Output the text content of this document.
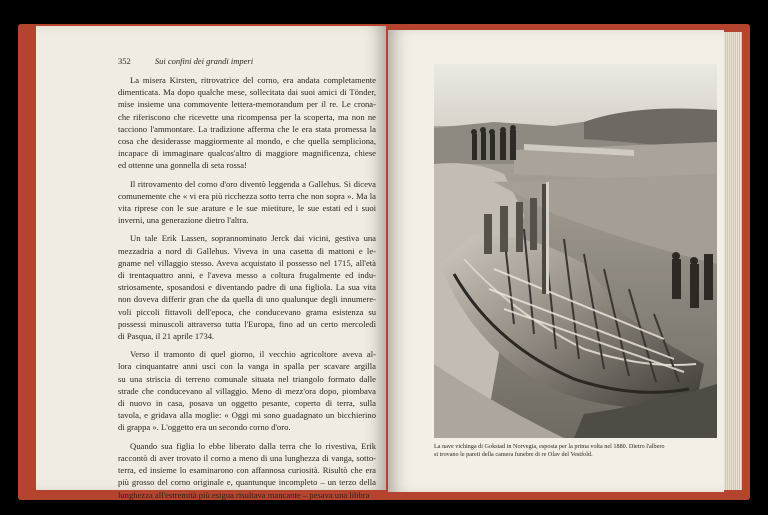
352	Sui confini dei grandi imperi
La misera Kirsten, ritrovatrice del corno, era andata completamente
dimenticata. Ma dopo qualche mese, sollecitata dai suoi amici di Tönder,
mise insieme una commovente lettera-memorandum per il re. Le crona-
che riferiscono che ricevette una ricompensa per la scoperta, ma non ne
tacciono l'ammontare. La tradizione afferma che le era stata promessa la
cosa che desiderasse maggiormente al mondo, e che quella semplicìona,
incapace di immaginare qualcos'altro di maggiore magnificenza, chiese
ed ottenne una gonnella di seta rossa!
Il ritrovamento del corno d'oro diventò leggenda a Gallehus. Si diceva
comunemente che « vi era più ricchezza sotto terra che non sopra ». Ma la
vita riprese con le sue arature e le sue mietiture, le sue estati ed i suoi
inverni, una generazione dietro l'altra.
Un tale Erik Lassen, soprannominato Jerck dai vicini, gestiva una
mezzadria a nord di Gallehus. Viveva in una casetta di mattoni e le-
gname nel villaggio stesso. Aveva acquistato il possesso nel 1715, all'età
di trentaquattro anni, e l'aveva messo a coltura frugalmente ed indu-
striosamente, sposandosi e diventando padre di una figliola. La sua vita
non doveva differir gran che da quella di uno qualunque degli innumere-
voli piccoli fittavoli dell'epoca, che conducevano grama esistenza su
possessi minuscoli attraverso tutta l'Europa, fino ad un certo mercoledì
di Pasqua, il 21 aprile 1734.
Verso il tramonto di quel giorno, il vecchio agricoltore aveva al-
lora cinquantatre anni uscì con la vanga in spalla per scavare argilla
su una striscia di terreno comunale situata nel triangolo formato dalle
strade che conducevano al villaggio. Meno di mezz'ora dopo, piombava
di nuovo in casa, posava un oggetto pesante, coperto di terra, sulla
tavola, e gridava alla moglie: « Oggi mi sono guadagnato un bicchierino
di grappa ». L'oggetto era un secondo corno d'oro.
Quando sua figlia lo ebbe liberato dalla terra che lo rivestiva, Erik
raccontò di aver trovato il corno a meno di una lunghezza di vanga, sotto-
terra, ed insieme lo esaminarono con affannosa curiosità. Risultò che era
più grosso del corno originale e, quantunque incompleto – un terzo della
lunghezza all'estremità più esigua risultava mancante – pesava una libbra
La nave vichinga di Gokstad in Norvegia, esposta per la prima volta nel 1880. Dietro l'albero
si trovano le pareti della camera funebre di re Olav del Vestfold.
